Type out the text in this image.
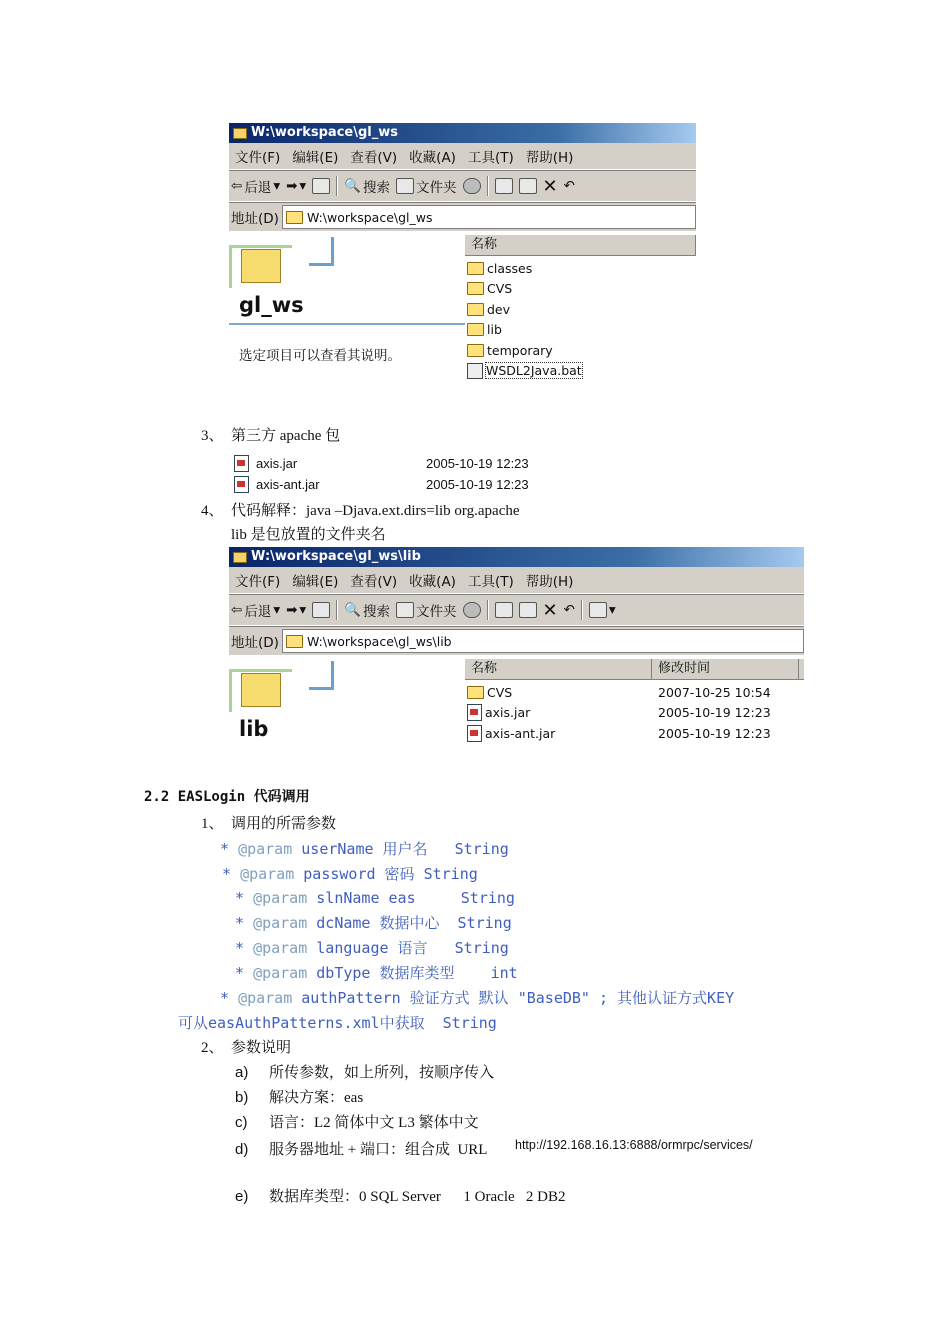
W:\workspace\gl_ws
文件(F) 编辑(E) 查看(V) 收藏(A) 工具(T) 帮助(H)
⇦ 后退 ▾ ➡ ▾	🔍 搜索 文件夹	✕ ↶
地址(D) W:\workspace\gl_ws
gl_ws
选定项目可以查看其说明。
名称
classes
CVS
dev
lib
temporary
WSDL2Java.bat
3、 第三方 apache 包
axis.jar	2005-10-19 12:23
axis-ant.jar	2005-10-19 12:23
4、 代码解释：java –Djava.ext.dirs=lib org.apache
lib 是包放置的文件夹名
W:\workspace\gl_ws\lib
文件(F) 编辑(E) 查看(V) 收藏(A) 工具(T) 帮助(H)
⇦ 后退 ▾ ➡ ▾	🔍 搜索 文件夹	✕ ↶	▾
地址(D) W:\workspace\gl_ws\lib
lib
名称	修改时间
CVS	2007-10-25 10:54
axis.jar	2005-10-19 12:23
axis-ant.jar	2005-10-19 12:23
2.2 EASLogin 代码调用
1、 调用的所需参数
* @param userName 用户名   String
* @param password 密码 String
* @param slnName eas     String
* @param dcName 数据中心  String
* @param language 语言   String
* @param dbType 数据库类型    int
* @param authPattern 验证方式 默认 "BaseDB" ; 其他认证方式KEY
可从easAuthPatterns.xml中获取  String
2、 参数说明
a) 所传参数，如上所列，按顺序传入
b) 解决方案：eas
c) 语言：L2 简体中文 L3 繁体中文
d) 服务器地址 + 端口：组合成  URL http://192.168.16.13:6888/ormrpc/services/
e) 数据库类型：0 SQL Server      1 Oracle   2 DB2
